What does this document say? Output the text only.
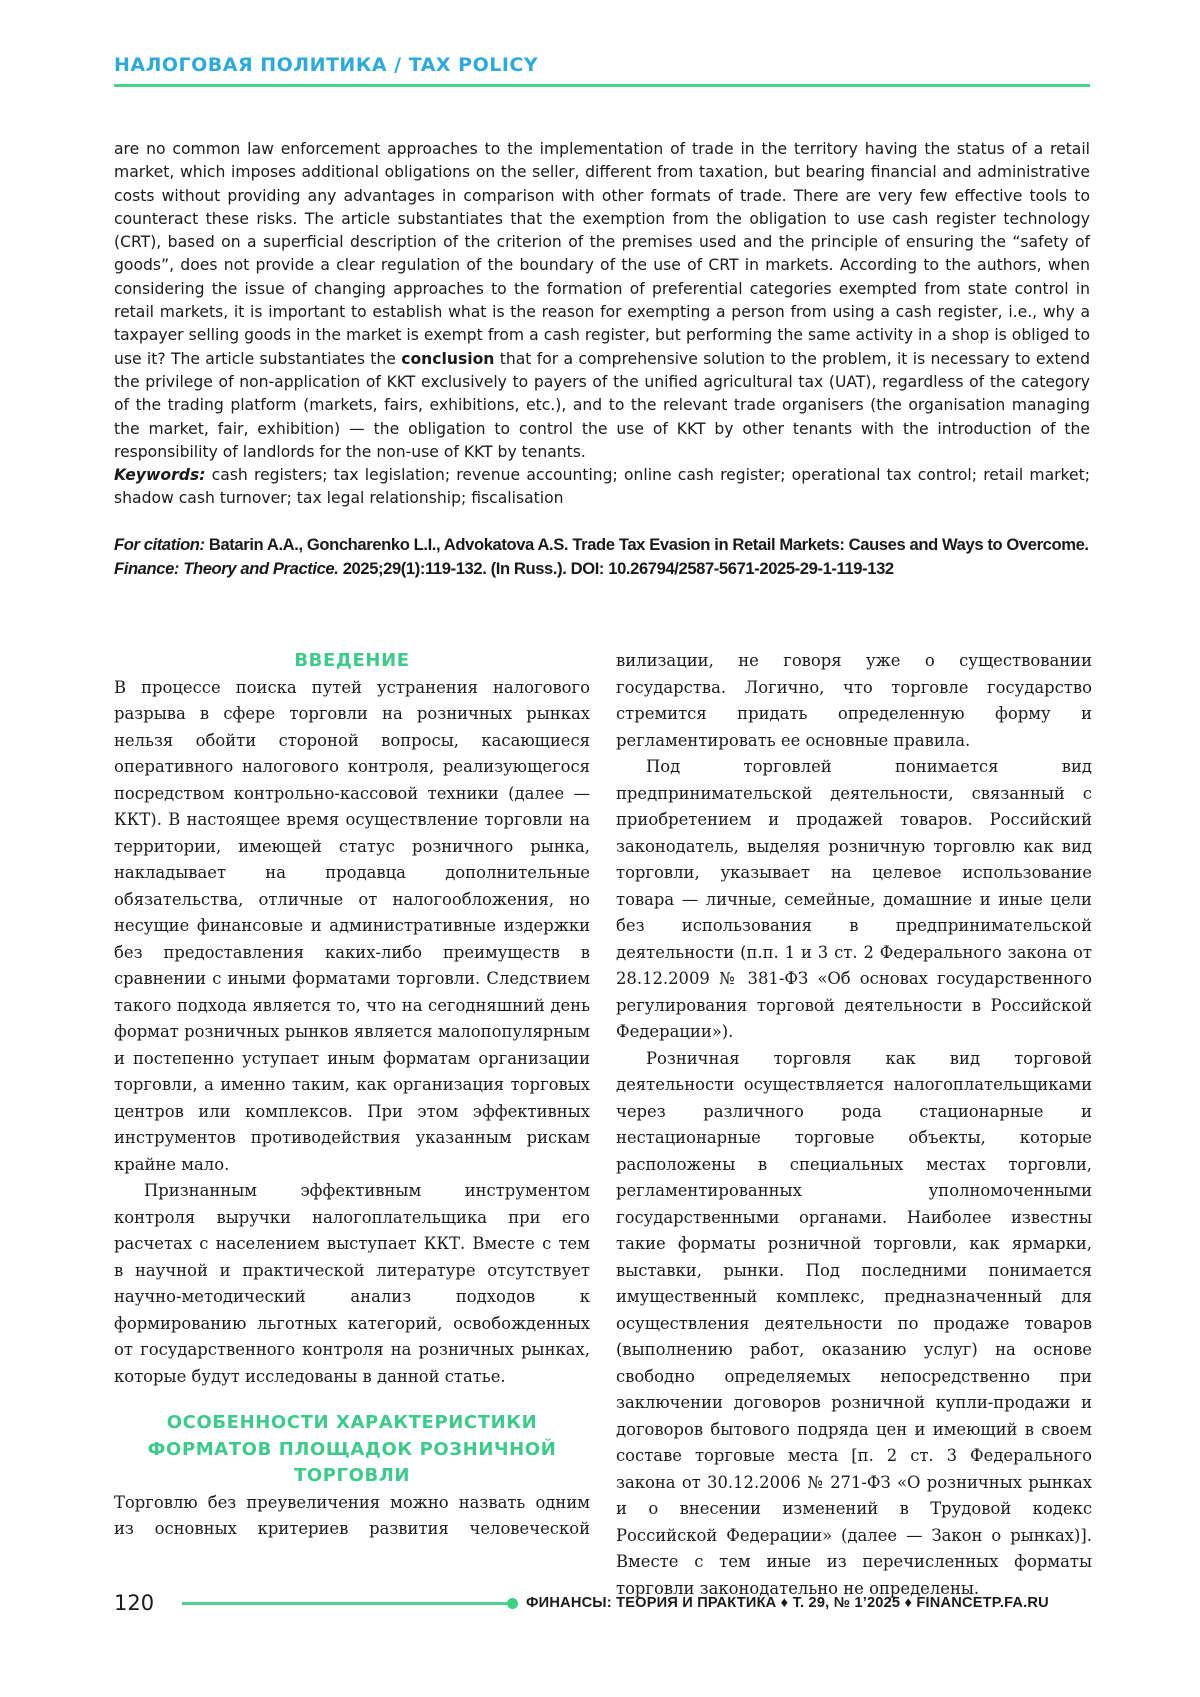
НАЛОГОВАЯ ПОЛИТИКА / TAX POLICY

are no common law enforcement approaches to the implementation of trade in the territory having the status of a retail market, which imposes additional obligations on the seller, different from taxation, but bearing financial and administrative costs without providing any advantages in comparison with other formats of trade. There are very few effective tools to counteract these risks. The article substantiates that the exemption from the obligation to use cash register technology (CRT), based on a superficial description of the criterion of the premises used and the principle of ensuring the “safety of goods”, does not provide a clear regulation of the boundary of the use of CRT in markets. According to the authors, when considering the issue of changing approaches to the formation of preferential categories exempted from state control in retail markets, it is important to establish what is the reason for exempting a person from using a cash register, i.e., why a taxpayer selling goods in the market is exempt from a cash register, but performing the same activity in a shop is obliged to use it? The article substantiates the conclusion that for a comprehensive solution to the problem, it is necessary to extend the privilege of non-application of KKT exclusively to payers of the unified agricultural tax (UAT), regardless of the category of the trading platform (markets, fairs, exhibitions, etc.), and to the relevant trade organisers (the organisation managing the market, fair, exhibition) — the obligation to control the use of KKT by other tenants with the introduction of the responsibility of landlords for the non-use of KKT by tenants.

Keywords: cash registers; tax legislation; revenue accounting; online cash register; operational tax control; retail market; shadow cash turnover; tax legal relationship; fiscalisation

For citation: Batarin A.A., Goncharenko L.I., Advokatova A.S. Trade Tax Evasion in Retail Markets: Causes and Ways to Overcome.
Finance: Theory and Practice. 2025;29(1):119-132. (In Russ.). DOI: 10.26794/2587-5671-2025-29-1-119-132
ВВЕДЕНИЕ

В процессе поиска путей устранения налогового разрыва в сфере торговли на розничных рынках нельзя обойти стороной вопросы, касающиеся оперативного налогового контроля, реализующегося посредством контрольно-кассовой техники (далее — ККТ). В настоящее время осуществление торговли на территории, имеющей статус розничного рынка, накладывает на продавца дополнительные обязательства, отличные от налогообложения, но несущие финансовые и административные издержки без предоставления каких-либо преимуществ в сравнении с иными форматами торговли. Следствием такого подхода является то, что на сегодняшний день формат розничных рынков является малопопулярным и постепенно уступает иным форматам организации торговли, а именно таким, как организация торговых центров или комплексов. При этом эффективных инструментов противодействия указанным рискам крайне мало.

Признанным эффективным инструментом контроля выручки налогоплательщика при его расчетах с населением выступает ККТ. Вместе с тем в научной и практической литературе отсутствует научно-методический анализ подходов к формированию льготных категорий, освобожденных от государственного контроля на розничных рынках, которые будут исследованы в данной статье.

ОСОБЕННОСТИ ХАРАКТЕРИСТИКИ ФОРМАТОВ ПЛОЩАДОК РОЗНИЧНОЙ ТОРГОВЛИ

Торговлю без преувеличения можно назвать одним из основных критериев развития человеческой

вилизации, не говоря уже о существовании государства. Логично, что торговле государство стремится придать определенную форму и регламентировать ее основные правила.

Под торговлей понимается вид предпринимательской деятельности, связанный с приобретением и продажей товаров. Российский законодатель, выделяя розничную торговлю как вид торговли, указывает на целевое использование товара — личные, семейные, домашние и иные цели без использования в предпринимательской деятельности (п.п. 1 и 3 ст. 2 Федерального закона от 28.12.2009 № 381-ФЗ «Об основах государственного регулирования торговой деятельности в Российской Федерации»).

Розничная торговля как вид торговой деятельности осуществляется налогоплательщиками через различного рода стационарные и нестационарные торговые объекты, которые расположены в специальных местах торговли, регламентированных уполномоченными государственными органами. Наиболее известны такие форматы розничной торговли, как ярмарки, выставки, рынки. Под последними понимается имущественный комплекс, предназначенный для осуществления деятельности по продаже товаров (выполнению работ, оказанию услуг) на основе свободно определяемых непосредственно при заключении договоров розничной купли-продажи и договоров бытового подряда цен и имеющий в своем составе торговые места [п. 2 ст. 3 Федерального закона от 30.12.2006 № 271-ФЗ «О розничных рынках и о внесении изменений в Трудовой кодекс Российской Федерации» (далее — Закон о рынках)]. Вместе с тем иные из перечисленных форматы торговли законодательно не определены.

120	ФИНАНСЫ: ТЕОРИЯ И ПРАКТИКА ♦ Т. 29, № 1’2025 ♦ FINANCETP.FA.RU
